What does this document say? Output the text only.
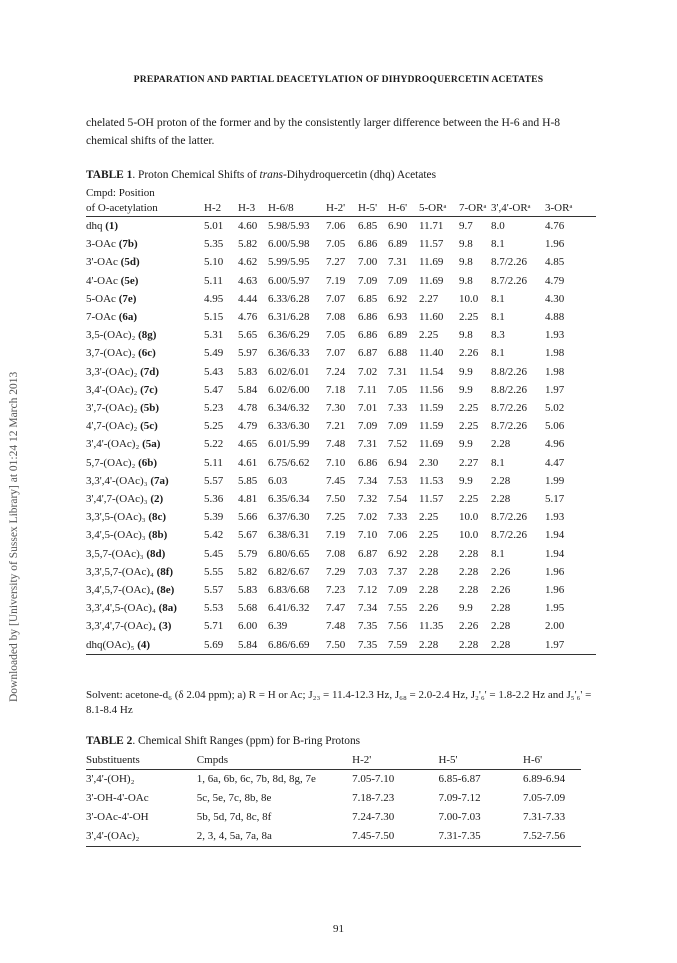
PREPARATION AND PARTIAL DEACETYLATION OF DIHYDROQUERCETIN ACETATES
Downloaded by [University of Sussex Library] at 01:24 12 March 2013

chelated 5-OH proton of the former and by the consistently larger difference between the H-6 and H-8 chemical shifts of the latter.

TABLE 1. Proton Chemical Shifts of trans-Dihydroquercetin (dhq) Acetates
Cmpd: Position										
of O-acetylation	H-2	H-3	H-6/8	H-2'	H-5'	H-6'	5-ORᵃ	7-ORᵃ	3',4'-ORᵃ	3-ORᵃ
dhq (1)	5.01	4.60	5.98/5.93	7.06	6.85	6.90	11.71	9.7	8.0	4.76
3-OAc (7b)	5.35	5.82	6.00/5.98	7.05	6.86	6.89	11.57	9.8	8.1	1.96
3'-OAc (5d)	5.10	4.62	5.99/5.95	7.27	7.00	7.31	11.69	9.8	8.7/2.26	4.85
4'-OAc (5e)	5.11	4.63	6.00/5.97	7.19	7.09	7.09	11.69	9.8	8.7/2.26	4.79
5-OAc (7e)	4.95	4.44	6.33/6.28	7.07	6.85	6.92	2.27	10.0	8.1	4.30
7-OAc (6a)	5.15	4.76	6.31/6.28	7.08	6.86	6.93	11.60	2.25	8.1	4.88
3,5-(OAc)₂ (8g)	5.31	5.65	6.36/6.29	7.05	6.86	6.89	2.25	9.8	8.3	1.93
3,7-(OAc)₂ (6c)	5.49	5.97	6.36/6.33	7.07	6.87	6.88	11.40	2.26	8.1	1.98
3,3'-(OAc)₂ (7d)	5.43	5.83	6.02/6.01	7.24	7.02	7.31	11.54	9.9	8.8/2.26	1.98
3,4'-(OAc)₂ (7c)	5.47	5.84	6.02/6.00	7.18	7.11	7.05	11.56	9.9	8.8/2.26	1.97
3',7-(OAc)₂ (5b)	5.23	4.78	6.34/6.32	7.30	7.01	7.33	11.59	2.25	8.7/2.26	5.02
4',7-(OAc)₂ (5c)	5.25	4.79	6.33/6.30	7.21	7.09	7.09	11.59	2.25	8.7/2.26	5.06
3',4'-(OAc)₂ (5a)	5.22	4.65	6.01/5.99	7.48	7.31	7.52	11.69	9.9	2.28	4.96
5,7-(OAc)₂ (6b)	5.11	4.61	6.75/6.62	7.10	6.86	6.94	2.30	2.27	8.1	4.47
3,3',4'-(OAc)₃ (7a)	5.57	5.85	6.03	7.45	7.34	7.53	11.53	9.9	2.28	1.99
3',4',7-(OAc)₃ (2)	5.36	4.81	6.35/6.34	7.50	7.32	7.54	11.57	2.25	2.28	5.17
3,3',5-(OAc)₃ (8c)	5.39	5.66	6.37/6.30	7.25	7.02	7.33	2.25	10.0	8.7/2.26	1.93
3,4',5-(OAc)₃ (8b)	5.42	5.67	6.38/6.31	7.19	7.10	7.06	2.25	10.0	8.7/2.26	1.94
3,5,7-(OAc)₃ (8d)	5.45	5.79	6.80/6.65	7.08	6.87	6.92	2.28	2.28	8.1	1.94
3,3',5,7-(OAc)₄ (8f)	5.55	5.82	6.82/6.67	7.29	7.03	7.37	2.28	2.28	2.26	1.96
3,4',5,7-(OAc)₄ (8e)	5.57	5.83	6.83/6.68	7.23	7.12	7.09	2.28	2.28	2.26	1.96
3,3',4',5-(OAc)₄ (8a)	5.53	5.68	6.41/6.32	7.47	7.34	7.55	2.26	9.9	2.28	1.95
3,3',4',7-(OAc)₄ (3)	5.71	6.00	6.39	7.48	7.35	7.56	11.35	2.26	2.28	2.00
dhq(OAc)₅ (4)	5.69	5.84	6.86/6.69	7.50	7.35	7.59	2.28	2.28	2.28	1.97
Solvent: acetone-d₆ (δ 2.04 ppm); a) R = H or Ac; J₂₃ = 11.4-12.3 Hz, J₆₈ = 2.0-2.4 Hz, J₂'₆' = 1.8-2.2 Hz and J₅'₆' = 8.1-8.4 Hz
TABLE 2. Chemical Shift Ranges (ppm) for B-ring Protons
Substituents	Cmpds	H-2'	H-5'	H-6'
3',4'-(OH)₂	1, 6a, 6b, 6c, 7b, 8d, 8g, 7e	7.05-7.10	6.85-6.87	6.89-6.94
3'-OH-4'-OAc	5c, 5e, 7c, 8b, 8e	7.18-7.23	7.09-7.12	7.05-7.09
3'-OAc-4'-OH	5b, 5d, 7d, 8c, 8f	7.24-7.30	7.00-7.03	7.31-7.33
3',4'-(OAc)₂	2, 3, 4, 5a, 7a, 8a	7.45-7.50	7.31-7.35	7.52-7.56
91
